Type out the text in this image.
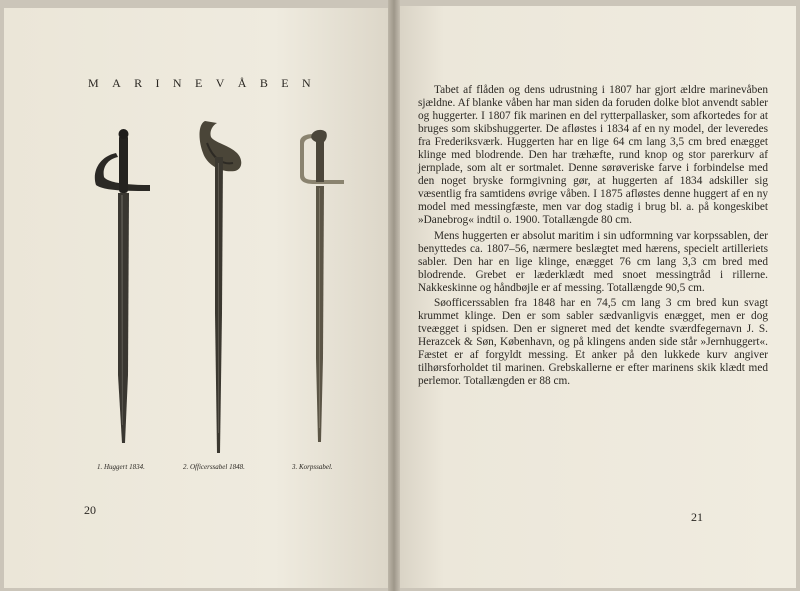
MARINEVÅBEN
1. Huggert 1834.	2. Officerssabel 1848.	3. Korpssabel.
20

Tabet af flåden og dens udrustning i 1807 har gjort ældre marinevåben sjældne. Af blanke våben har man siden da foruden dolke blot anvendt sabler og huggerter. I 1807 fik marinen en del rytterpallasker, som afkortedes for at bruges som skibshuggerter. De afløstes i 1834 af en ny model, der leveredes fra Frederiksværk. Huggerten har en lige 64 cm lang 3,5 cm bred enægget klinge med blodrende. Den har træhæfte, rund knop og stor parerkurv af jernplade, som alt er sortmalet. Denne sørøveriske farve i forbindelse med den noget bryske formgivning gør, at huggerten af 1834 adskiller sig væsentlig fra samtidens øvrige våben. I 1875 afløstes denne huggert af en ny model med messingfæste, men var dog stadig i brug bl. a. på kongeskibet »Danebrog« indtil o. 1900. Totallængde 80 cm.

Mens huggerten er absolut maritim i sin udformning var korpssablen, der benyttedes ca. 1807–56, nærmere beslægtet med hærens, specielt artilleriets sabler. Den har en lige klinge, enægget 76 cm lang 3,3 cm bred med blodrende. Grebet er læderklædt med snoet messingtråd i rillerne. Nakkeskinne og håndbøjle er af messing. Totallængde 90,5 cm.

Søofficerssablen fra 1848 har en 74,5 cm lang 3 cm bred kun svagt krummet klinge. Den er som sabler sædvanligvis enægget, men er dog tveægget i spidsen. Den er signeret med det kendte sværdfegernavn J. S. Herazcek & Søn, København, og på klingens anden side står »Jernhuggert«. Fæstet er af forgyldt messing. Et anker på den lukkede kurv angiver tilhørsforholdet til marinen. Grebskallerne er efter marinens skik klædt med perlemor. Totallængden er 88 cm.

21
